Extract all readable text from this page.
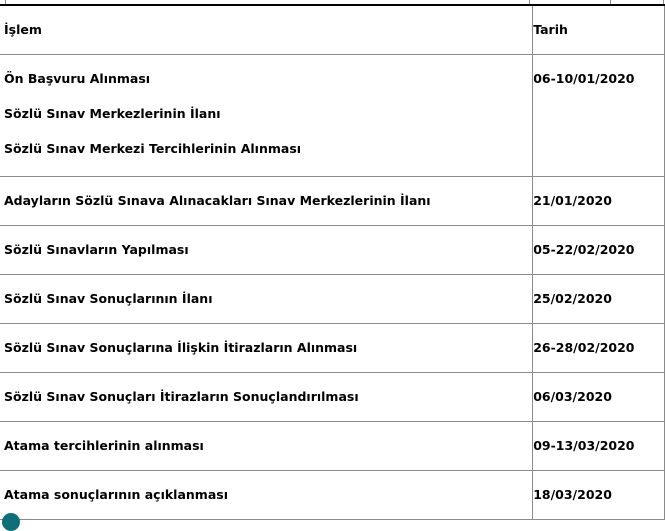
İşlem	Tarih

Ön Başvuru Alınması
Sözlü Sınav Merkezlerinin İlanı
Sözlü Sınav Merkezi Tercihlerinin Alınması	06-10/01/2020

Adayların Sözlü Sınava Alınacakları Sınav Merkezlerinin İlanı	21/01/2020

Sözlü Sınavların Yapılması	05-22/02/2020

Sözlü Sınav Sonuçlarının İlanı	25/02/2020

Sözlü Sınav Sonuçlarına İlişkin İtirazların Alınması	26-28/02/2020

Sözlü Sınav Sonuçları İtirazların Sonuçlandırılması	06/03/2020

Atama tercihlerinin alınması	09-13/03/2020

Atama sonuçlarının açıklanması	18/03/2020
